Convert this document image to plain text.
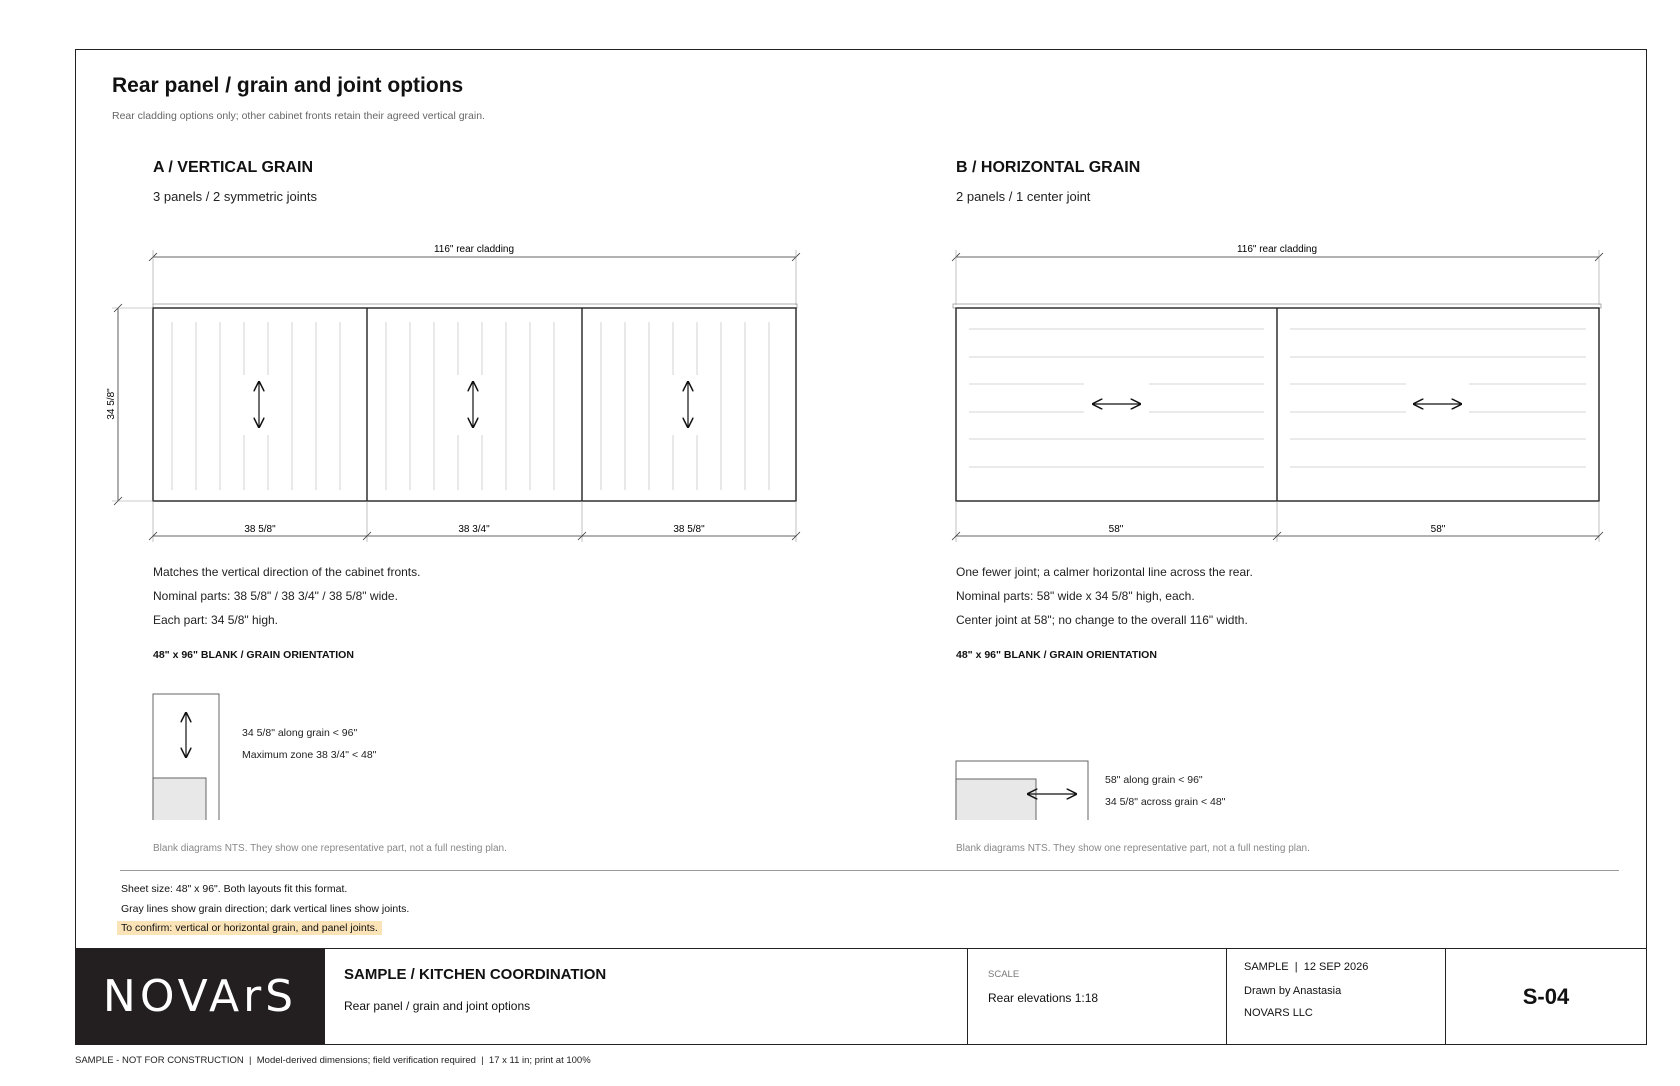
Rear panel / grain and joint options
Rear cladding options only; other cabinet fronts retain their agreed vertical grain.
A / VERTICAL GRAIN
3 panels / 2 symmetric joints
B / HORIZONTAL GRAIN
2 panels / 1 center joint
116" rear cladding
34 5/8"
38 5/8"	38 3/4"	38 5/8"
116" rear cladding
58"	58"
Matches the vertical direction of the cabinet fronts.
Nominal parts: 38 5/8" / 38 3/4" / 38 5/8" wide.
Each part: 34 5/8" high.
48" x 96" BLANK / GRAIN ORIENTATION
One fewer joint; a calmer horizontal line across the rear.
Nominal parts: 58" wide x 34 5/8" high, each.
Center joint at 58"; no change to the overall 116" width.
48" x 96" BLANK / GRAIN ORIENTATION
34 5/8" along grain < 96"
Maximum zone 38 3/4" < 48"
58" along grain < 96"
34 5/8" across grain < 48"
Blank diagrams NTS. They show one representative part, not a full nesting plan.	Blank diagrams NTS. They show one representative part, not a full nesting plan.
Sheet size: 48" x 96". Both layouts fit this format.
Gray lines show grain direction; dark vertical lines show joints.
To confirm: vertical or horizontal grain, and panel joints.
NOVArS	SAMPLE / KITCHEN COORDINATION
Rear panel / grain and joint options
SCALE
Rear elevations 1:18
SAMPLE  |  12 SEP 2026
Drawn by Anastasia
NOVARS LLC
S-04
SAMPLE - NOT FOR CONSTRUCTION  |  Model-derived dimensions; field verification required  |  17 x 11 in; print at 100%
